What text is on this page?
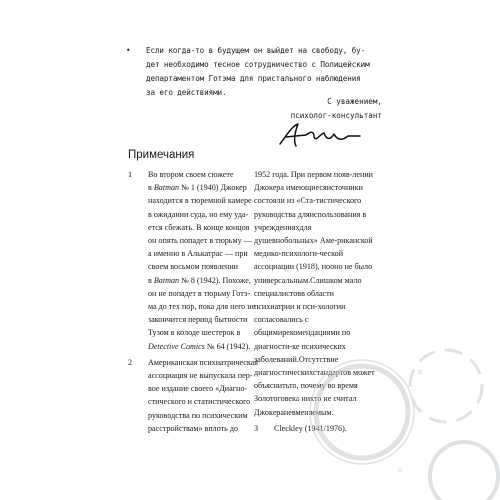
• Если когда-то в будущем он выйдет на свободу, бу-
дет необходимо тесное сотрудничество с Полицейским
департаментом Готэма для пристального наблюдения
за его действиями.
С уважением,
психолог-консультант
Примечания
1 Во втором своем сюжете
в Batman № 1 (1940) Джокер
находится в тюремной камере
в ожидании суда, но ему уда-
ется сбежать. В конце концов
он опять попадет в тюрьму —
а именно в Алькатрас — при
своем восьмом появлении
в Batman № 8 (1942). Похоже,
он не попадет в тюрьму Готэ-
ма до тех пор, пока для него не
закончится период бытности
Тузом в колоде шестерок в
Detective Comics № 64 (1942).
2 Американская психиатрическая
ассоциация не выпускала пер-
вое издание своего «Диагно-
стического и статистического
руководства по психическим
расстройствам» вплоть до
1952 года. При первом появ-лении Джокера имеющиесяисточники состояли из «Ста-тистического руководства дляиспользования в учрежденияхдля душевнобольных» Аме-риканской медико-психологи-ческой ассоциации (1918), нооно не было универсальным.Слишком мало специалистовв области психиатрии и пси-хологии согласовались с общимирекомендациями по диагности-ке психических заболеваний.Отсутствие диагностическихстандартов может объяснитьто, почему во время Золотоговека никто не считал Джокераневменяемым.
3 Cleckley (1941/1976).
